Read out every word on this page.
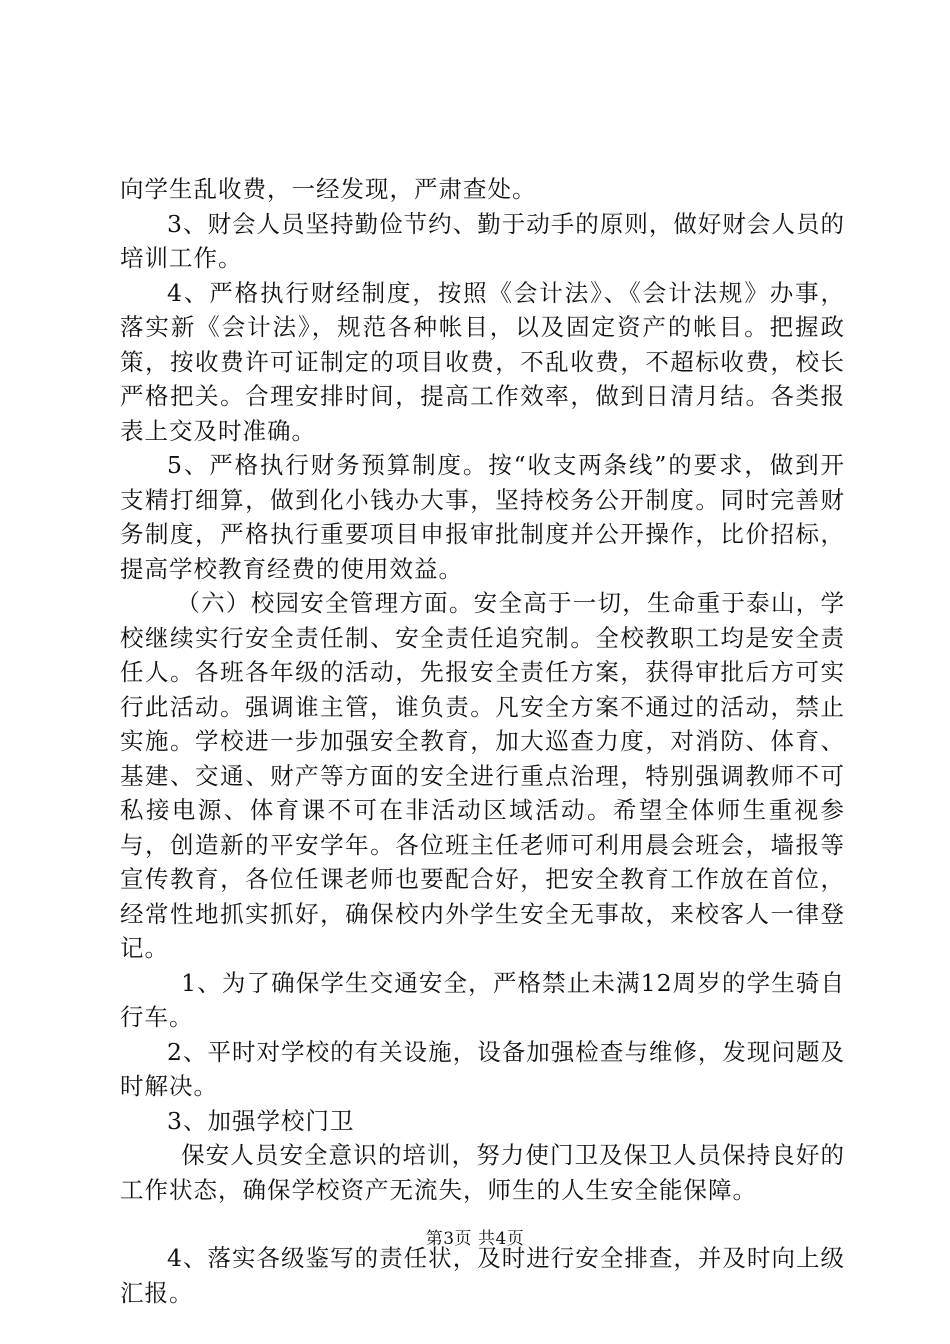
向学生乱收费，一经发现，严肃查处。

3、财会人员坚持勤俭节约、勤于动手的原则，做好财会人员的培训工作。

4、严格执行财经制度，按照《会计法》、《会计法规》办事，落实新《会计法》，规范各种帐目，以及固定资产的帐目。把握政策，按收费许可证制定的项目收费，不乱收费，不超标收费，校长严格把关。合理安排时间，提高工作效率，做到日清月结。各类报表上交及时准确。

5、严格执行财务预算制度。按“收支两条线”的要求，做到开支精打细算，做到化小钱办大事，坚持校务公开制度。同时完善财务制度，严格执行重要项目申报审批制度并公开操作，比价招标，提高学校教育经费的使用效益。

（六）校园安全管理方面。安全高于一切，生命重于泰山，学校继续实行安全责任制、安全责任追究制。全校教职工均是安全责任人。各班各年级的活动，先报安全责任方案，获得审批后方可实行此活动。强调谁主管，谁负责。凡安全方案不通过的活动，禁止实施。学校进一步加强安全教育，加大巡查力度，对消防、体育、基建、交通、财产等方面的安全进行重点治理，特别强调教师不可私接电源、体育课不可在非活动区域活动。希望全体师生重视参与，创造新的平安学年。各位班主任老师可利用晨会班会，墙报等宣传教育，各位任课老师也要配合好，把安全教育工作放在首位，经常性地抓实抓好，确保校内外学生安全无事故，来校客人一律登记。

1、为了确保学生交通安全，严格禁止未满12周岁的学生骑自行车。

2、平时对学校的有关设施，设备加强检查与维修，发现问题及时解决。

3、加强学校门卫

保安人员安全意识的培训，努力使门卫及保卫人员保持良好的工作状态，确保学校资产无流失，师生的人生安全能保障。

4、落实各级鉴写的责任状，及时进行安全排查，并及时向上级汇报。

第3页 共4页
